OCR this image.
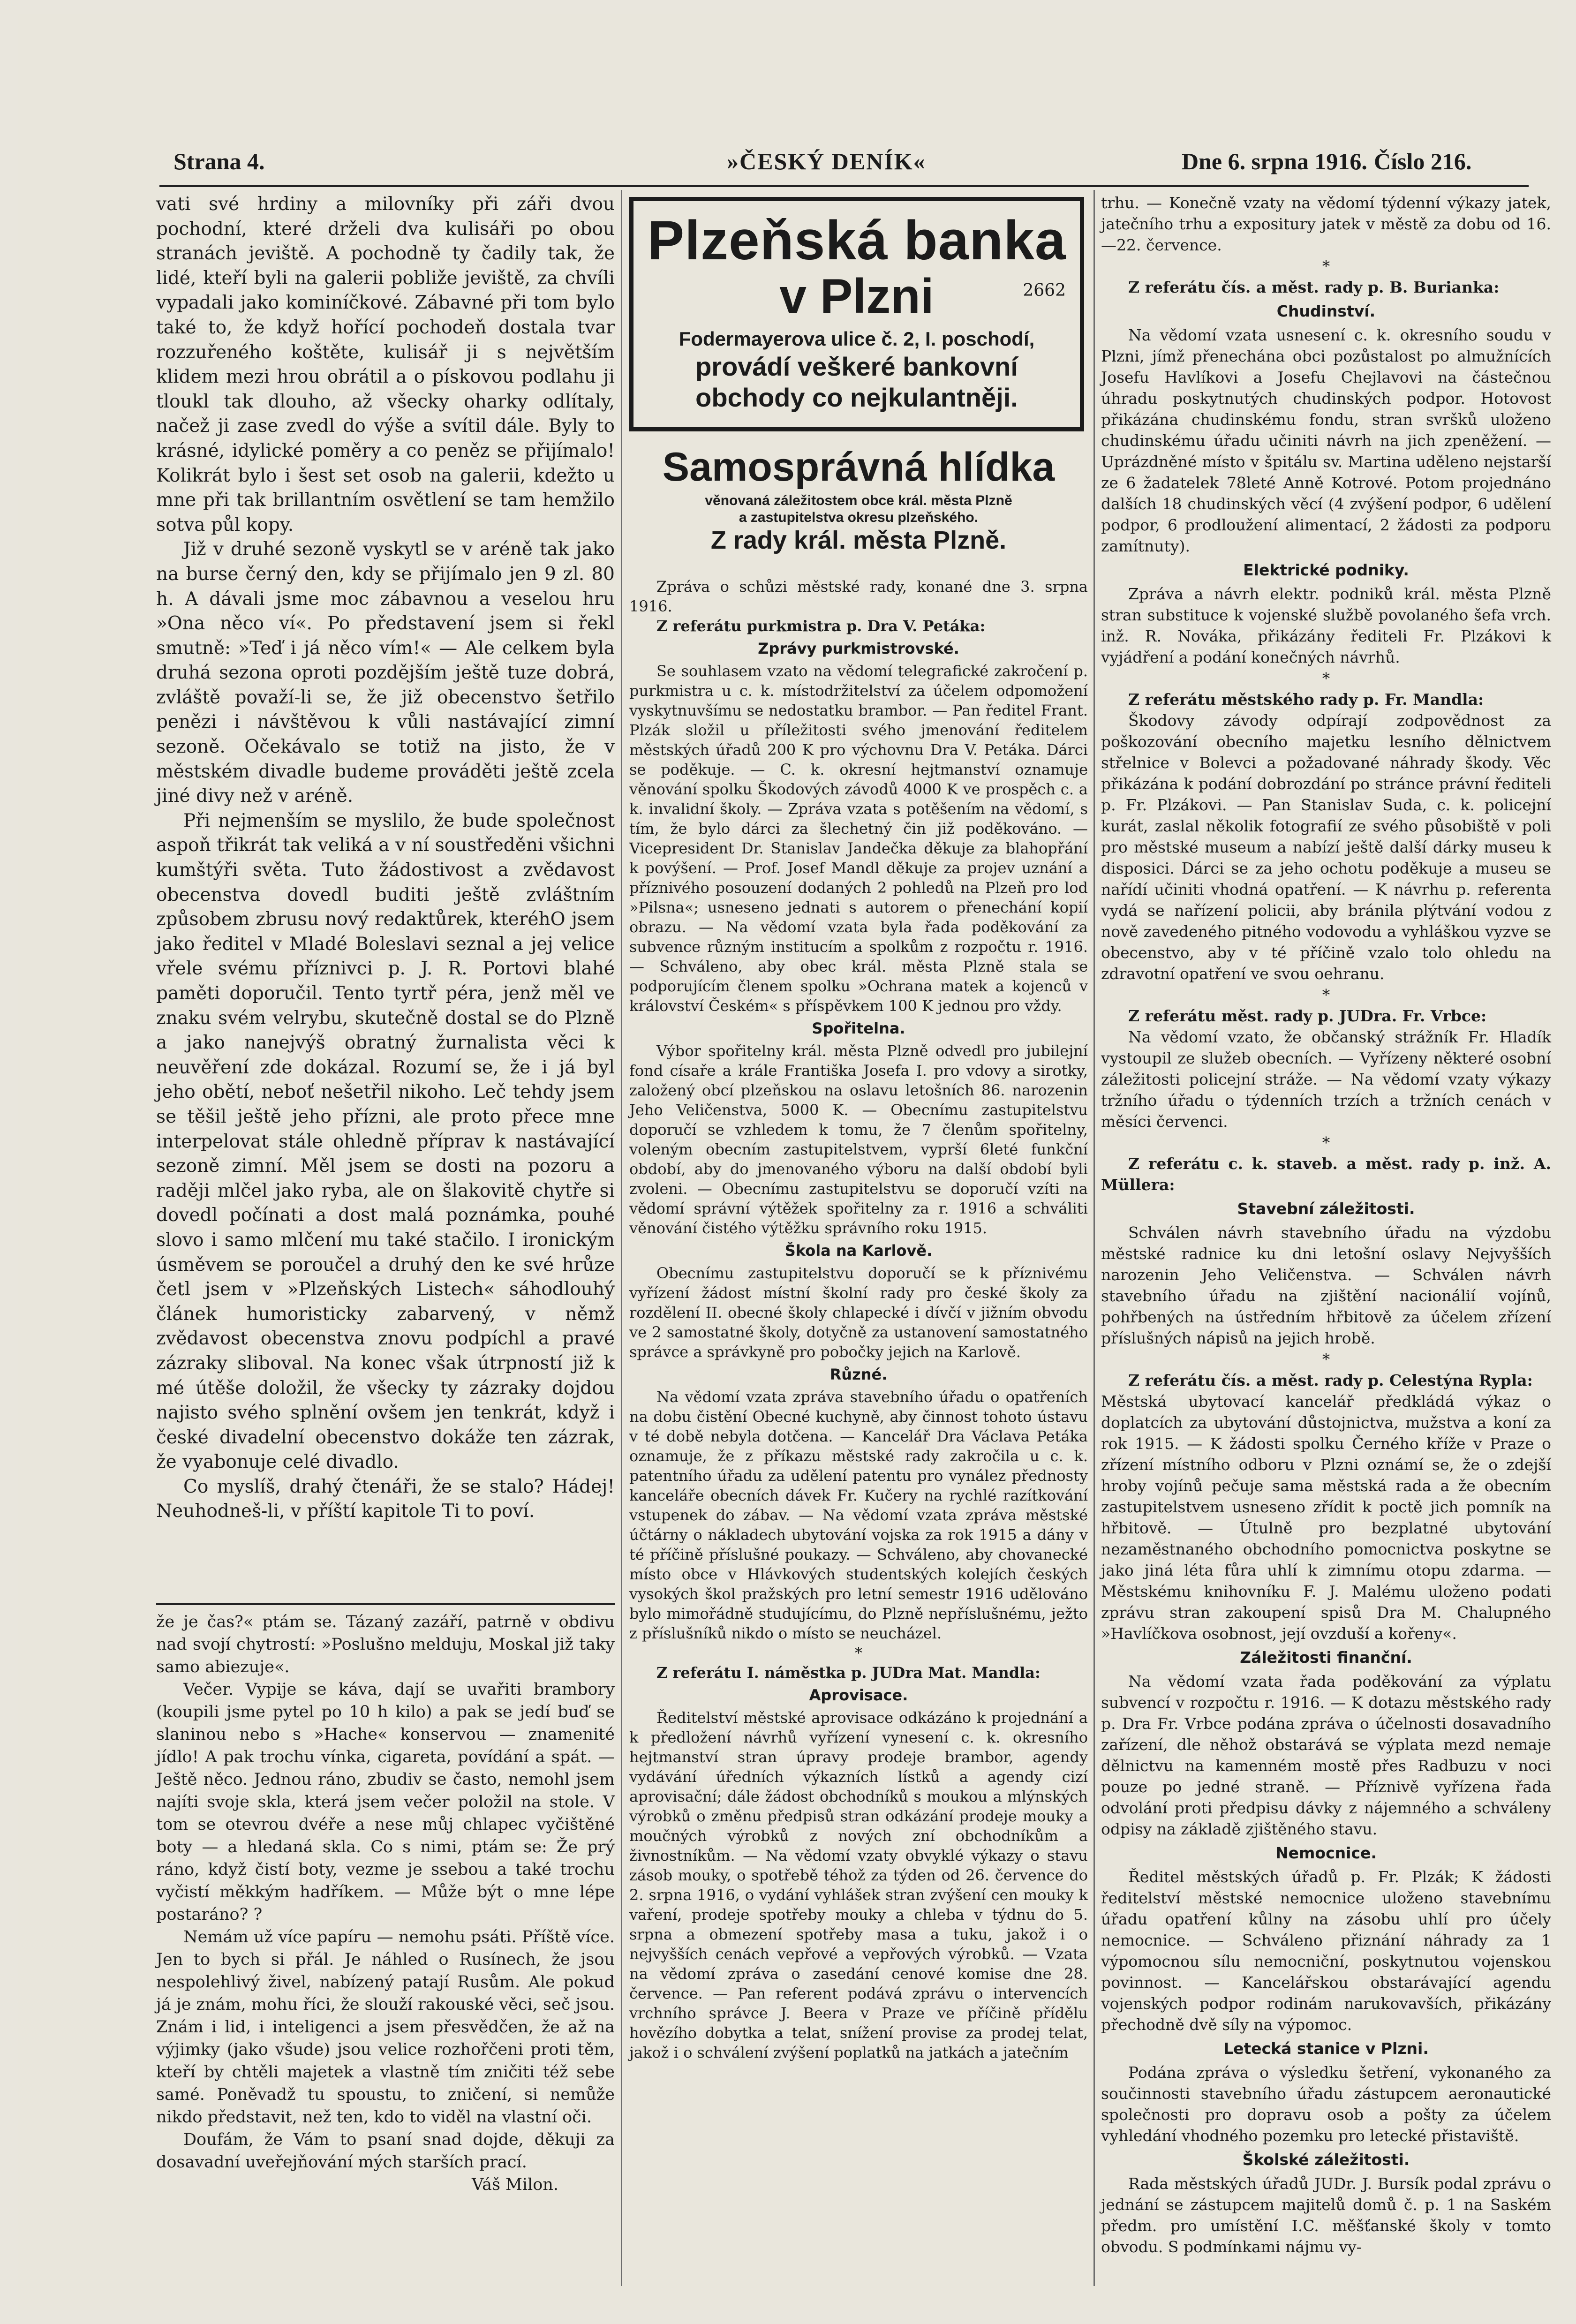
Strana 4.	»ČESKÝ DENÍK«	Dne 6. srpna 1916. Číslo 216.

vati své hrdiny a milovníky při záři dvou pochodní, které drželi dva kulisáři po obou stranách jeviště. A pochodně ty čadily tak, že lidé, kteří byli na galerii pobliže jeviště, za chvíli vypadali jako kominíčkové. Zábavné při tom bylo také to, že když hořící pochodeň dostala tvar rozzuřeného koštěte, kulisář ji s největším klidem mezi hrou obrátil a o pískovou podlahu ji tloukl tak dlouho, až všecky oharky odlítaly, načež ji zase zvedl do výše a svítil dále. Byly to krásné, idylické poměry a co peněz se přijímalo! Kolikrát bylo i šest set osob na galerii, kdežto u mne při tak brillantním osvětlení se tam hemžilo sotva půl kopy.

Již v druhé sezoně vyskytl se v aréně tak jako na burse černý den, kdy se přijímalo jen 9 zl. 80 h. A dávali jsme moc zábavnou a veselou hru »Ona něco ví«. Po představení jsem si řekl smutně: »Teď i já něco vím!« — Ale celkem byla druhá sezona oproti pozdějším ještě tuze dobrá, zvláště považí-li se, že již obecenstvo šetřilo penězi i návštěvou k vůli nastávající zimní sezoně. Očekávalo se totiž na jisto, že v městském divadle budeme prováděti ještě zcela jiné divy než v aréně.

Při nejmenším se myslilo, že bude společnost aspoň třikrát tak veliká a v ní soustředěni všichni kumštýři světa. Tuto žádostivost a zvědavost obecenstva dovedl buditi ještě zvláštním způsobem zbrusu nový redaktůrek, kteréhO jsem jako ředitel v Mladé Boleslavi seznal a jej velice vřele svému příznivci p. J. R. Portovi blahé paměti doporučil. Tento tyrtř péra, jenž měl ve znaku svém velrybu, skutečně dostal se do Plzně a jako nanejvýš obratný žurnalista věci k neuvěření zde dokázal. Rozumí se, že i já byl jeho obětí, neboť nešetřil nikoho. Leč tehdy jsem se těšil ještě jeho přízni, ale proto přece mne interpelovat stále ohledně příprav k nastávající sezoně zimní. Měl jsem se dosti na pozoru a raději mlčel jako ryba, ale on šlakovitě chytře si dovedl počínati a dost malá poznámka, pouhé slovo i samo mlčení mu také stačilo. I ironickým úsměvem se poroučel a druhý den ke své hrůze četl jsem v »Plzeňských Listech« sáhodlouhý článek humoristicky zabarvený, v němž zvědavost obecenstva znovu podpíchl a pravé zázraky sliboval. Na konec však útrpností již k mé útěše doložil, že všecky ty zázraky dojdou najisto svého splnění ovšem jen tenkrát, když i české divadelní obecenstvo dokáže ten zázrak, že vyabonuje celé divadlo.

Co myslíš, drahý čtenáři, že se stalo? Hádej! Neuhodneš-li, v příští kapitole Ti to poví.

že je čas?« ptám se. Tázaný zazáří, patrně v obdivu nad svojí chytrostí: »Poslušno melduju, Moskal již taky samo abiezuje«.

Večer. Vypije se káva, dají se uvařiti brambory (koupili jsme pytel po 10 h kilo) a pak se jedí buď se slaninou nebo s »Hache« konservou — znamenité jídlo! A pak trochu vínka, cigareta, povídání a spát. — Ještě něco. Jednou ráno, zbudiv se často, nemohl jsem najíti svoje skla, která jsem večer položil na stole. V tom se otevrou dvéře a nese můj chlapec vyčištěné boty — a hledaná skla. Co s nimi, ptám se: Že prý ráno, když čistí boty, vezme je ssebou a také trochu vyčistí měkkým hadříkem. — Může být o mne lépe postaráno? ?

Nemám už více papíru — nemohu psáti. Příště více. Jen to bych si přál. Je náhled o Rusínech, že jsou nespolehlivý živel, nabízený patají Rusům. Ale pokud já je znám, mohu říci, že slouží rakouské věci, seč jsou. Znám i lid, i inteligenci a jsem přesvědčen, že až na výjimky (jako všude) jsou velice rozhořčeni proti těm, kteří by chtěli majetek a vlastně tím zničiti též sebe samé. Poněvadž tu spoustu, to zničení, si nemůže nikdo představit, než ten, kdo to viděl na vlastní oči.

Doufám, že Vám to psaní snad dojde, děkuji za dosavadní uveřejňování mých starších prací.

Váš Milon.

Plzeňská banka
v Plzni	2662
Fodermayerova ulice č. 2, I. poschodí,
provádí veškeré bankovní
obchody co nejkulantněji.
Samosprávná hlídka
věnovaná záležitostem obce král. města Plzně
a zastupitelstva okresu plzeňského.
Z rady král. města Plzně.

Zpráva o schůzi městské rady, konané dne 3. srpna 1916.

Z referátu purkmistra p. Dra V. Petáka:

Zprávy purkmistrovské.

Se souhlasem vzato na vědomí telegrafické zakročení p. purkmistra u c. k. místodržitelství za účelem odpomožení vyskytnuvšímu se nedostatku brambor. — Pan ředitel Frant. Plzák složil u příležitosti svého jmenování ředitelem městských úřadů 200 K pro výchovnu Dra V. Petáka. Dárci se poděkuje. — C. k. okresní hejtmanství oznamuje věnování spolku Škodových závodů 4000 K ve prospěch c. a k. invalidní školy. — Zpráva vzata s potěšením na vědomí, s tím, že bylo dárci za šlechetný čin již poděkováno. — Vicepresident Dr. Stanislav Jandečka děkuje za blahopřání k povýšení. — Prof. Josef Mandl děkuje za projev uznání a příznivého posouzení dodaných 2 pohledů na Plzeň pro lod »Pilsna«; usneseno jednati s autorem o přenechání kopií obrazu. — Na vědomí vzata byla řada poděkování za subvence různým institucím a spolkům z rozpočtu r. 1916. — Schváleno, aby obec král. města Plzně stala se podporujícím členem spolku »Ochrana matek a kojenců v království Českém« s příspěvkem 100 K jednou pro vždy.

Spořitelna.

Výbor spořitelny král. města Plzně odvedl pro jubilejní fond císaře a krále Františka Josefa I. pro vdovy a sirotky, založený obcí plzeňskou na oslavu letošních 86. narozenin Jeho Veličenstva, 5000 K. — Obecnímu zastupitelstvu doporučí se vzhledem k tomu, že 7 členům spořitelny, voleným obecním zastupitelstvem, vyprší 6leté funkční období, aby do jmenovaného výboru na další období byli zvoleni. — Obecnímu zastupitelstvu se doporučí vzíti na vědomí správní výtěžek spořitelny za r. 1916 a schváliti věnování čistého výtěžku správního roku 1915.

Škola na Karlově.

Obecnímu zastupitelstvu doporučí se k příznivému vyřízení žádost místní školní rady pro české školy za rozdělení II. obecné školy chlapecké i dívčí v jižním obvodu ve 2 samostatné školy, dotyčně za ustanovení samostatného správce a správkyně pro pobočky jejich na Karlově.

Různé.

Na vědomí vzata zpráva stavebního úřadu o opatřeních na dobu čistění Obecné kuchyně, aby činnost tohoto ústavu v té době nebyla dotčena. — Kancelář Dra Václava Petáka oznamuje, že z příkazu městské rady zakročila u c. k. patentního úřadu za udělení patentu pro vynález přednosty kanceláře obecních dávek Fr. Kučery na rychlé razítkování vstupenek do zábav. — Na vědomí vzata zpráva městské účtárny o nákladech ubytování vojska za rok 1915 a dány v té příčině příslušné poukazy. — Schváleno, aby chovanecké místo obce v Hlávkových studentských kolejích českých vysokých škol pražských pro letní semestr 1916 udělováno bylo mimořádně studujícímu, do Plzně nepříslušnému, ježto z příslušníků nikdo o místo se neucházel.

*

Z referátu I. náměstka p. JUDra Mat. Mandla:

Aprovisace.

Ředitelství městské aprovisace odkázáno k projednání a k předložení návrhů vyřízení vynesení c. k. okresního hejtmanství stran úpravy prodeje brambor, agendy vydávání úředních výkazních lístků a agendy cizí aprovisační; dále žádost obchodníků s moukou a mlýnských výrobků o změnu předpisů stran odkázání prodeje mouky a moučných výrobků z nových zní obchodníkům a živnostníkům. — Na vědomí vzaty obvyklé výkazy o stavu zásob mouky, o spotřebě téhož za týden od 26. července do 2. srpna 1916, o vydání vyhlášek stran zvýšení cen mouky k vaření, prodeje spotřeby mouky a chleba v týdnu do 5. srpna a obmezení spotřeby masa a tuku, jakož i o nejvyšších cenách vepřové a vepřových výrobků. — Vzata na vědomí zpráva o zasedání cenové komise dne 28. července. — Pan referent podává zprávu o intervencích vrchního správce J. Beera v Praze ve příčině přídělu hovězího dobytka a telat, snížení provise za prodej telat, jakož i o schválení zvýšení poplatků na jatkách a jatečním

trhu. — Konečně vzaty na vědomí týdenní výkazy jatek, jatečního trhu a expositury jatek v městě za dobu od 16.—22. července.

*

Z referátu čís. a měst. rady p. B. Burianka:

Chudinství.

Na vědomí vzata usnesení c. k. okresního soudu v Plzni, jímž přenechána obci pozůstalost po almužnících Josefu Havlíkovi a Josefu Chejlavovi na částečnou úhradu poskytnutých chudinských podpor. Hotovost přikázána chudinskému fondu, stran svršků uloženo chudinskému úřadu učiniti návrh na jich zpeněžení. — Uprázdněné místo v špitálu sv. Martina uděleno nejstarší ze 6 žadatelek 78leté Anně Kotrové. Potom projednáno dalších 18 chudinských věcí (4 zvýšení podpor, 6 udělení podpor, 6 prodloužení alimentací, 2 žádosti za podporu zamítnuty).

Elektrické podniky.

Zpráva a návrh elektr. podniků král. města Plzně stran substituce k vojenské službě povolaného šefa vrch. inž. R. Nováka, přikázány řediteli Fr. Plzákovi k vyjádření a podání konečných návrhů.

*

Z referátu městského rady p. Fr. Mandla:

Škodovy závody odpírají zodpovědnost za poškozování obecního majetku lesního dělnictvem střelnice v Bolevci a požadované náhrady škody. Věc přikázána k podání dobrozdání po stránce právní řediteli p. Fr. Plzákovi. — Pan Stanislav Suda, c. k. policejní kurát, zaslal několik fotografií ze svého působiště v poli pro městské museum a nabízí ještě další dárky museu k disposici. Dárci se za jeho ochotu poděkuje a museu se nařídí učiniti vhodná opatření. — K návrhu p. referenta vydá se nařízení policii, aby bránila plýtvání vodou z nově zavedeného pitného vodovodu a vyhláškou vyzve se obecenstvo, aby v té příčině vzalo tolo ohledu na zdravotní opatření ve svou oehranu.

*

Z referátu měst. rady p. JUDra. Fr. Vrbce:

Na vědomí vzato, že občanský strážník Fr. Hladík vystoupil ze služeb obecních. — Vyřízeny některé osobní záležitosti policejní stráže. — Na vědomí vzaty výkazy tržního úřadu o týdenních trzích a tržních cenách v měsíci červenci.

*

Z referátu c. k. staveb. a měst. rady p. inž. A. Müllera:

Stavební záležitosti.

Schválen návrh stavebního úřadu na výzdobu městské radnice ku dni letošní oslavy Nejvyšších narozenin Jeho Veličenstva. — Schválen návrh stavebního úřadu na zjištění nacionálií vojínů, pohřbených na ústředním hřbitově za účelem zřízení příslušných nápisů na jejich hrobě.

*

Z referátu čís. a měst. rady p. Celestýna Rypla:

Městská ubytovací kancelář předkládá výkaz o doplatcích za ubytování důstojnictva, mužstva a koní za rok 1915. — K žádosti spolku Černého kříže v Praze o zřízení místního odboru v Plzni oznámí se, že o zdejší hroby vojínů pečuje sama městská rada a že obecním zastupitelstvem usneseno zřídit k poctě jich pomník na hřbitově. — Útulně pro bezplatné ubytování nezaměstnaného obchodního pomocnictva poskytne se jako jiná léta fůra uhlí k zimnímu otopu zdarma. — Městskému knihovníku F. J. Malému uloženo podati zprávu stran zakoupení spisů Dra M. Chalupného »Havlíčkova osobnost, její ovzduší a kořeny«.

Záležitosti finanční.

Na vědomí vzata řada poděkování za výplatu subvencí v rozpočtu r. 1916. — K dotazu městského rady p. Dra Fr. Vrbce podána zpráva o účelnosti dosavadního zařízení, dle něhož obstarává se výplata mezd nemaje dělnictvu na kamenném mostě přes Radbuzu v noci pouze po jedné straně. — Příznivě vyřízena řada odvolání proti předpisu dávky z nájemného a schváleny odpisy na základě zjištěného stavu.

Nemocnice.

Ředitel městských úřadů p. Fr. Plzák; K žádosti ředitelství městské nemocnice uloženo stavebnímu úřadu opatření kůlny na zásobu uhlí pro účely nemocnice. — Schváleno přiznání náhrady za 1 výpomocnou sílu nemocniční, poskytnutou vojenskou povinnost. — Kancelářskou obstarávající agendu vojenských podpor rodinám narukovavších, přikázány přechodně dvě síly na výpomoc.

Letecká stanice v Plzni.

Podána zpráva o výsledku šetření, vykonaného za součinnosti stavebního úřadu zástupcem aeronautické společnosti pro dopravu osob a pošty za účelem vyhledání vhodného pozemku pro letecké přistaviště.

Školské záležitosti.

Rada městských úřadů JUDr. J. Bursík podal zprávu o jednání se zástupcem majitelů domů č. p. 1 na Saském předm. pro umístění I.C. měšťanské školy v tomto obvodu. S podmínkami nájmu vy-
